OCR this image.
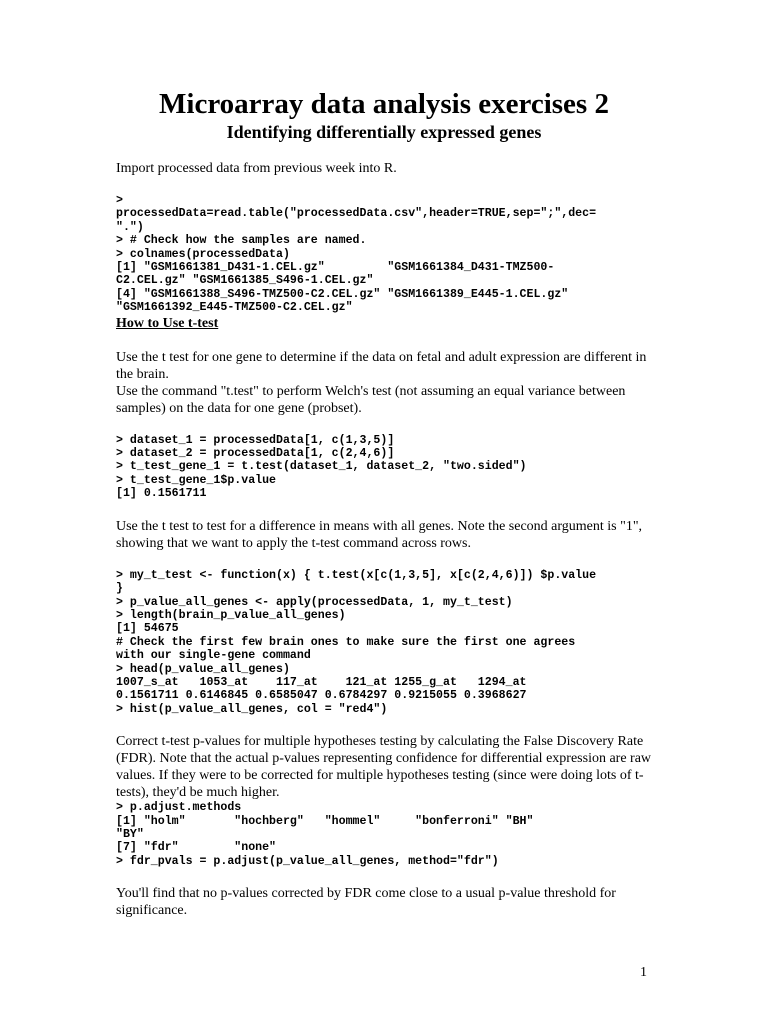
Microarray data analysis exercises 2
Identifying differentially expressed genes

Import processed data from previous week into R.

>

processedData=read.table("processedData.csv",header=TRUE,sep=";",dec=

".")

> # Check how the samples are named.

> colnames(processedData)

[1] "GSM1661381_D431-1.CEL.gz"         "GSM1661384_D431-TMZ500-

C2.CEL.gz" "GSM1661385_S496-1.CEL.gz"

[4] "GSM1661388_S496-TMZ500-C2.CEL.gz" "GSM1661389_E445-1.CEL.gz"

"GSM1661392_E445-TMZ500-C2.CEL.gz"

How to Use t-test

Use the t test for one gene to determine if the data on fetal and adult expression are different in the brain.

Use the command "t.test" to perform Welch's test (not assuming an equal variance between samples) on the data for one gene (probset).

> dataset_1 = processedData[1, c(1,3,5)]

> dataset_2 = processedData[1, c(2,4,6)]

> t_test_gene_1 = t.test(dataset_1, dataset_2, "two.sided")

> t_test_gene_1$p.value

[1] 0.1561711

Use the t test to test for a difference in means with all genes. Note the second argument is "1", showing that we want to apply the t-test command across rows.

> my_t_test <- function(x) { t.test(x[c(1,3,5], x[c(2,4,6)]) $p.value

}

> p_value_all_genes <- apply(processedData, 1, my_t_test)

> length(brain_p_value_all_genes)

[1] 54675

# Check the first few brain ones to make sure the first one agrees

with our single-gene command

> head(p_value_all_genes)

1007_s_at   1053_at    117_at    121_at 1255_g_at   1294_at

0.1561711 0.6146845 0.6585047 0.6784297 0.9215055 0.3968627

> hist(p_value_all_genes, col = "red4")

Correct t-test p-values for multiple hypotheses testing by calculating the False Discovery Rate (FDR). Note that the actual p-values representing confidence for differential expression are raw values. If they were to be corrected for multiple hypotheses testing (since were doing lots of t-tests), they'd be much higher.

> p.adjust.methods

[1] "holm"       "hochberg"   "hommel"     "bonferroni" "BH"

"BY"

[7] "fdr"        "none"

> fdr_pvals = p.adjust(p_value_all_genes, method="fdr")

You'll find that no p-values corrected by FDR come close to a usual p-value threshold for significance.

1
